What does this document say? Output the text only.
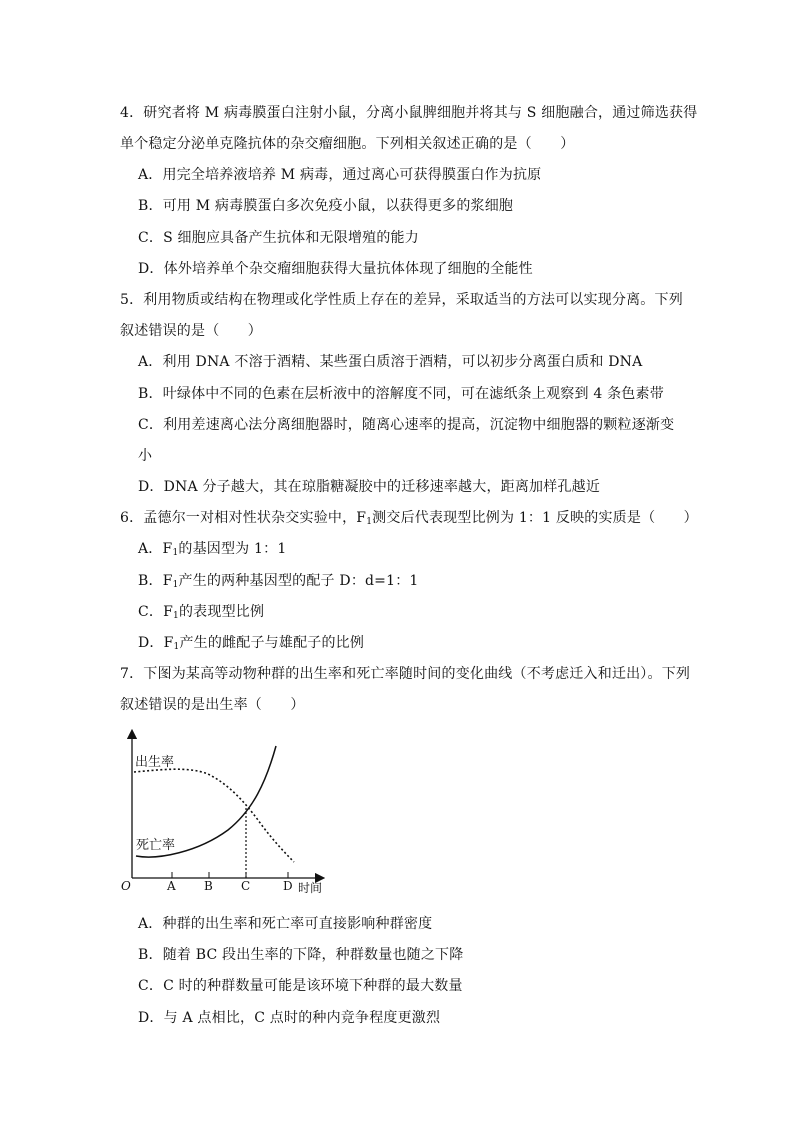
4．研究者将 M 病毒膜蛋白注射小鼠，分离小鼠脾细胞并将其与 S 细胞融合，通过筛选获得
单个稳定分泌单克隆抗体的杂交瘤细胞。下列相关叙述正确的是（　　）
A．用完全培养液培养 M 病毒，通过离心可获得膜蛋白作为抗原
B．可用 M 病毒膜蛋白多次免疫小鼠，以获得更多的浆细胞
C．S 细胞应具备产生抗体和无限增殖的能力
D．体外培养单个杂交瘤细胞获得大量抗体体现了细胞的全能性
5．利用物质或结构在物理或化学性质上存在的差异，采取适当的方法可以实现分离。下列
叙述错误的是（　　）
A．利用 DNA 不溶于酒精、某些蛋白质溶于酒精，可以初步分离蛋白质和 DNA
B．叶绿体中不同的色素在层析液中的溶解度不同，可在滤纸条上观察到 4 条色素带
C．利用差速离心法分离细胞器时，随离心速率的提高，沉淀物中细胞器的颗粒逐渐变
小
D．DNA 分子越大，其在琼脂糖凝胶中的迁移速率越大，距离加样孔越近
6．孟德尔一对相对性状杂交实验中，$F_1$测交后代表现型比例为 1：1 反映的实质是（　　）
A．$F_1$的基因型为 1：1
B．$F_1$产生的两种基因型的配子 D：d=1：1
C．$F_1$的表现型比例
D．$F_1$产生的雌配子与雄配子的比例
7．下图为某高等动物种群的出生率和死亡率随时间的变化曲线（不考虑迁入和迁出）。下列
叙述错误的是出生率（　　）
出生率
死亡率
O	A B C	D 时间
A．种群的出生率和死亡率可直接影响种群密度
B．随着 BC 段出生率的下降，种群数量也随之下降
C．C 时的种群数量可能是该环境下种群的最大数量
D．与 A 点相比，C 点时的种内竞争程度更激烈
